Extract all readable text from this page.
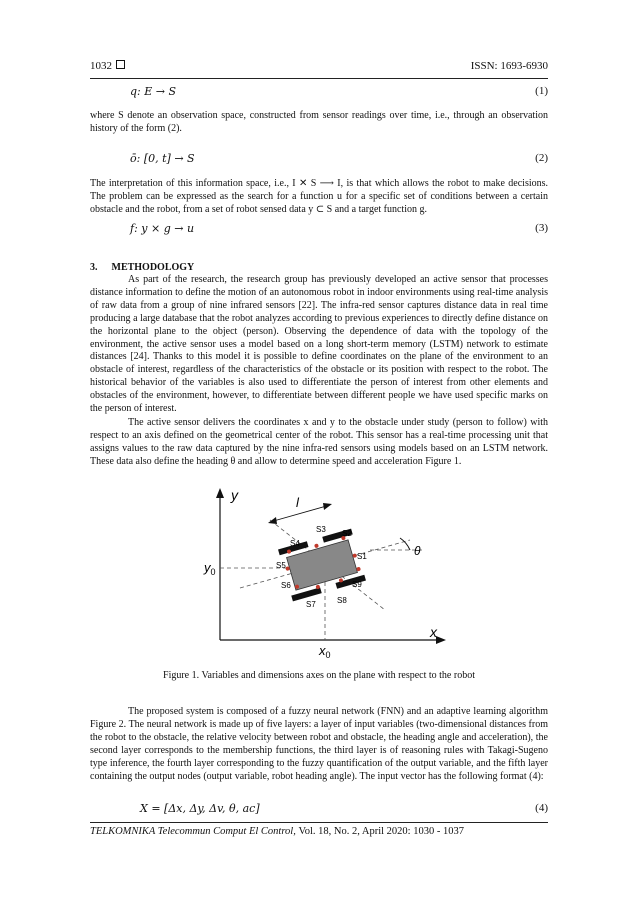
1032	ISSN: 1693-6930
q: E → S	(1)
where S denote an observation space, constructed from sensor readings over time, i.e., through an observation history of the form (2).
ō: [0, t] → S	(2)
The interpretation of this information space, i.e., I ✕ S ⟶ I, is that which allows the robot to make decisions. The problem can be expressed as the search for a function u for a specific set of conditions between a certain obstacle and the robot, from a set of robot sensed data y ⊂ S and a target function g.
f: y × g → u	(3)
3. METHODOLOGY
As part of the research, the research group has previously developed an active sensor that processes distance information to define the motion of an autonomous robot in indoor environments using real-time analysis of raw data from a group of nine infrared sensors [22]. The infra-red sensor captures distance data in real time producing a large database that the robot analyzes according to previous experiences to directly define distance on the horizontal plane to the object (person). Observing the dependence of data with the topology of the environment, the active sensor uses a model based on a long short-term memory (LSTM) network to estimate distances [24]. Thanks to this model it is possible to define coordinates on the plane of the environment to an obstacle of interest, regardless of the characteristics of the obstacle or its position with respect to the robot. The historical behavior of the variables is also used to differentiate the person of interest from other elements and obstacles of the environment, however, to differentiate between different people we have used specific marks on the person of interest.
The active sensor delivers the coordinates x and y to the obstacle under study (person to follow) with respect to an axis defined on the geometrical center of the robot. This sensor has a real-time processing unit that assigns values to the raw data captured by the nine infra-red sensors using models based on an LSTM network. These data also define the heading θ and allow to determine speed and acceleration Figure 1.
y
x
θ
$y_0$
$x_0$
l
S4
S3 S2
S1
S9
S5
S6
S7	S8
Figure 1. Variables and dimensions axes on the plane with respect to the robot
The proposed system is composed of a fuzzy neural network (FNN) and an adaptive learning algorithm Figure 2. The neural network is made up of five layers: a layer of input variables (two-dimensional distances from the robot to the obstacle, the relative velocity between robot and obstacle, the heading angle and acceleration), the second layer corresponds to the membership functions, the third layer is of reasoning rules with Takagi-Sugeno type inference, the fourth layer corresponding to the fuzzy quantification of the output variable, and the fifth layer containing the output nodes (output variable, robot heading angle). The input vector has the following format (4):
X = [Δx, Δy, Δv, θ, ac]	(4)
TELKOMNIKA Telecommun Comput El Control, Vol. 18, No. 2, April 2020: 1030 - 1037
